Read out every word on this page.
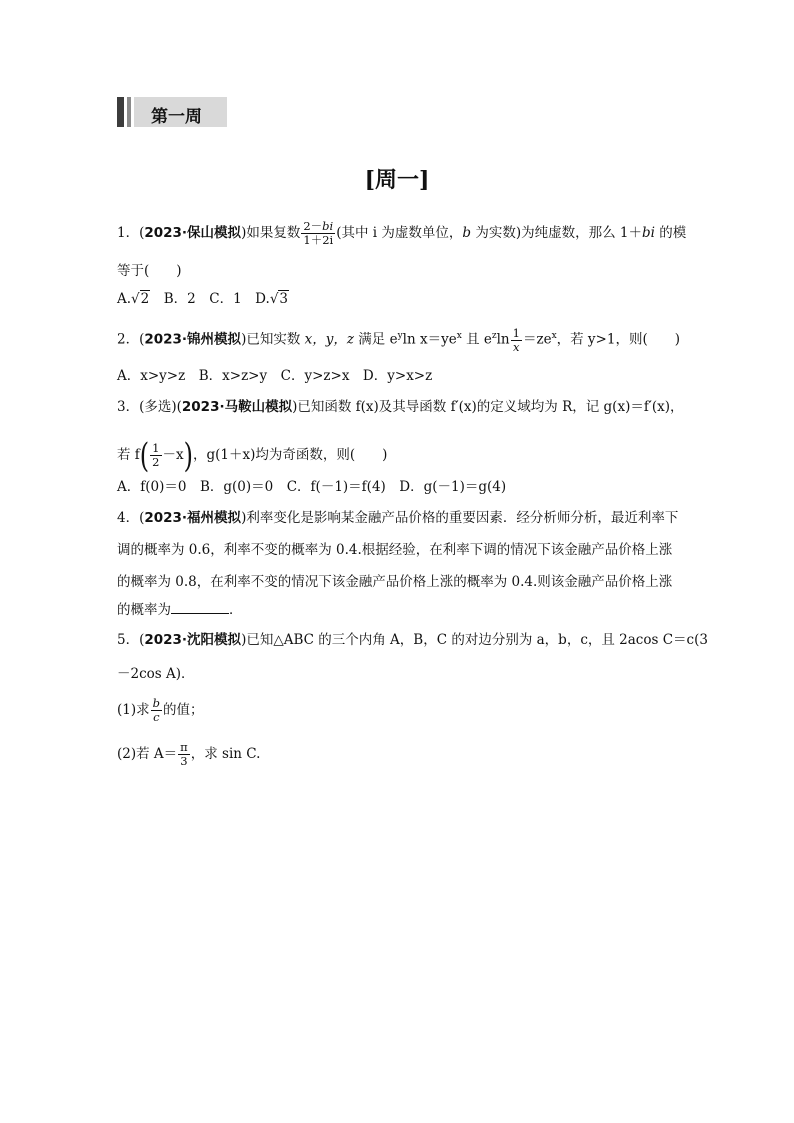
第一周
[周一]
1．(2023·保山模拟)如果复数 $\frac{2-bi}{1+2i}$ (其中 i 为虚数单位，b 为实数)为纯虚数，那么 1＋bi 的模
等于(　　)
A.√2　B．2　C．1　D.√3
2．(2023·锦州模拟)已知实数 x，y，z 满足 $e^y\ln$ $x=ye^x$ 且 $e^z\ln \frac{1}{x} =ze^x$，若 y>1，则(　　)
A．x>y>z　B．x>z>y　C．y>z>x　D．y>x>z
3．(多选)(2023·马鞍山模拟)已知函数 f(x)及其导函数 f′(x)的定义域均为 R，记 g(x)＝f′(x)，
若 $f( \frac{1}{2} -x)$，g(1＋x)均为奇函数，则(　　)
A．f(0)＝0　B．g(0)＝0　C．f(－1)＝f(4)　D．g(－1)＝g(4)
4．(2023·福州模拟)利率变化是影响某金融产品价格的重要因素．经分析师分析，最近利率下
调的概率为 0.6，利率不变的概率为 0.4.根据经验，在利率下调的情况下该金融产品价格上涨
的概率为 0.8，在利率不变的情况下该金融产品价格上涨的概率为 0.4.则该金融产品价格上涨
的概率为	．
5．(2023·沈阳模拟)已知△ABC 的三个内角 A，B，C 的对边分别为 a，b，c，且 2acos C＝c(3
－2cos A)．
(1)求 $\frac{b}{c}$ 的值；
(2)若 $A= \frac{\pi}{3}$ ，求 sin C.
